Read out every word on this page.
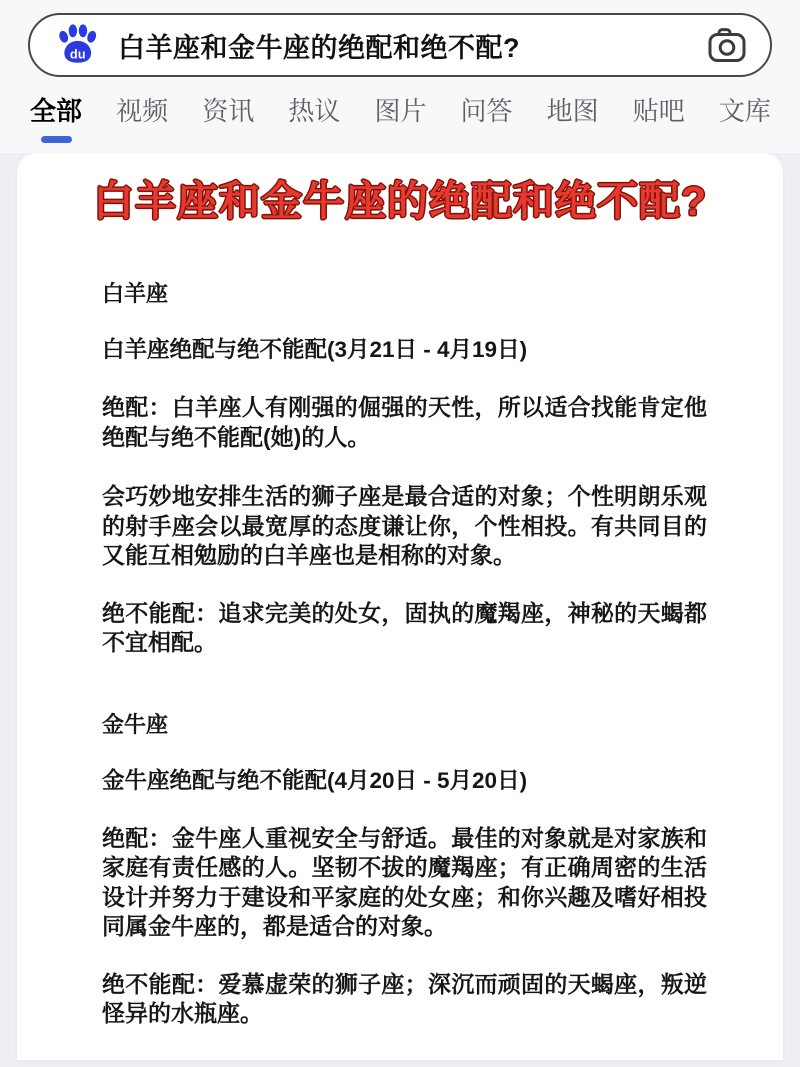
du 白羊座和金牛座的绝配和绝不配?
全部 视频 资讯 热议 图片 问答 地图 贴吧 文库
白羊座和金牛座的绝配和绝不配?
白羊座
白羊座绝配与绝不能配(3月21日 - 4月19日)

绝配：白羊座人有刚强的倔强的天性，所以适合找能肯定他绝配与绝不能配(她)的人。

会巧妙地安排生活的狮子座是最合适的对象；个性明朗乐观的射手座会以最宽厚的态度谦让你，个性相投。有共同目的又能互相勉励的白羊座也是相称的对象。

绝不能配：追求完美的处女，固执的魔羯座，神秘的天蝎都不宜相配。

金牛座
金牛座绝配与绝不能配(4月20日 - 5月20日)

绝配：金牛座人重视安全与舒适。最佳的对象就是对家族和家庭有责任感的人。坚韧不拔的魔羯座；有正确周密的生活设计并努力于建设和平家庭的处女座；和你兴趣及嗜好相投同属金牛座的，都是适合的对象。

绝不能配：爱慕虚荣的狮子座；深沉而顽固的天蝎座，叛逆怪异的水瓶座。
